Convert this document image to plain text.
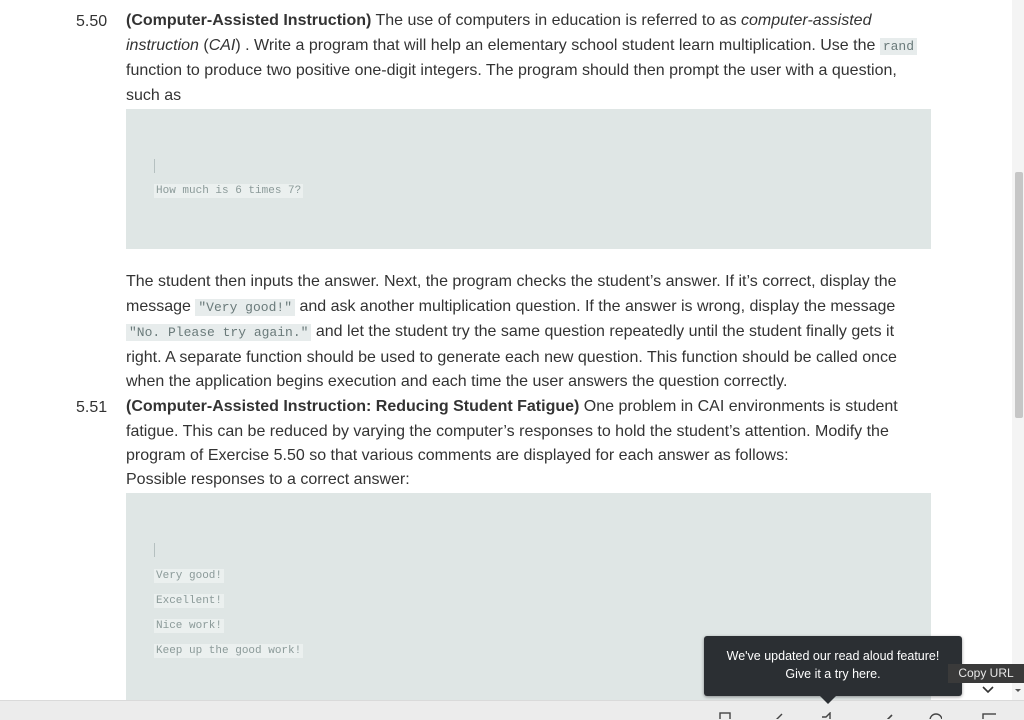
5.50 (Computer-Assisted Instruction) The use of computers in education is referred to as computer-assisted instruction (CAI) . Write a program that will help an elementary school student learn multiplication. Use the rand function to produce two positive one-digit integers. The program should then prompt the user with a question, such as
How much is 6 times 7?
The student then inputs the answer. Next, the program checks the student’s answer. If it’s correct, display the message "Very good!" and ask another multiplication question. If the answer is wrong, display the message "No. Please try again." and let the student try the same question repeatedly until the student finally gets it right. A separate function should be used to generate each new question. This function should be called once when the application begins execution and each time the user answers the question correctly.
5.51 (Computer-Assisted Instruction: Reducing Student Fatigue) One problem in CAI environments is student fatigue. This can be reduced by varying the computer’s responses to hold the student’s attention. Modify the program of Exercise 5.50 so that various comments are displayed for each answer as follows:
Possible responses to a correct answer:
Very good!
Excellent!
Nice work!
Keep up the good work!	We've updated our read aloud feature!
Give it a try here.	Copy URL
